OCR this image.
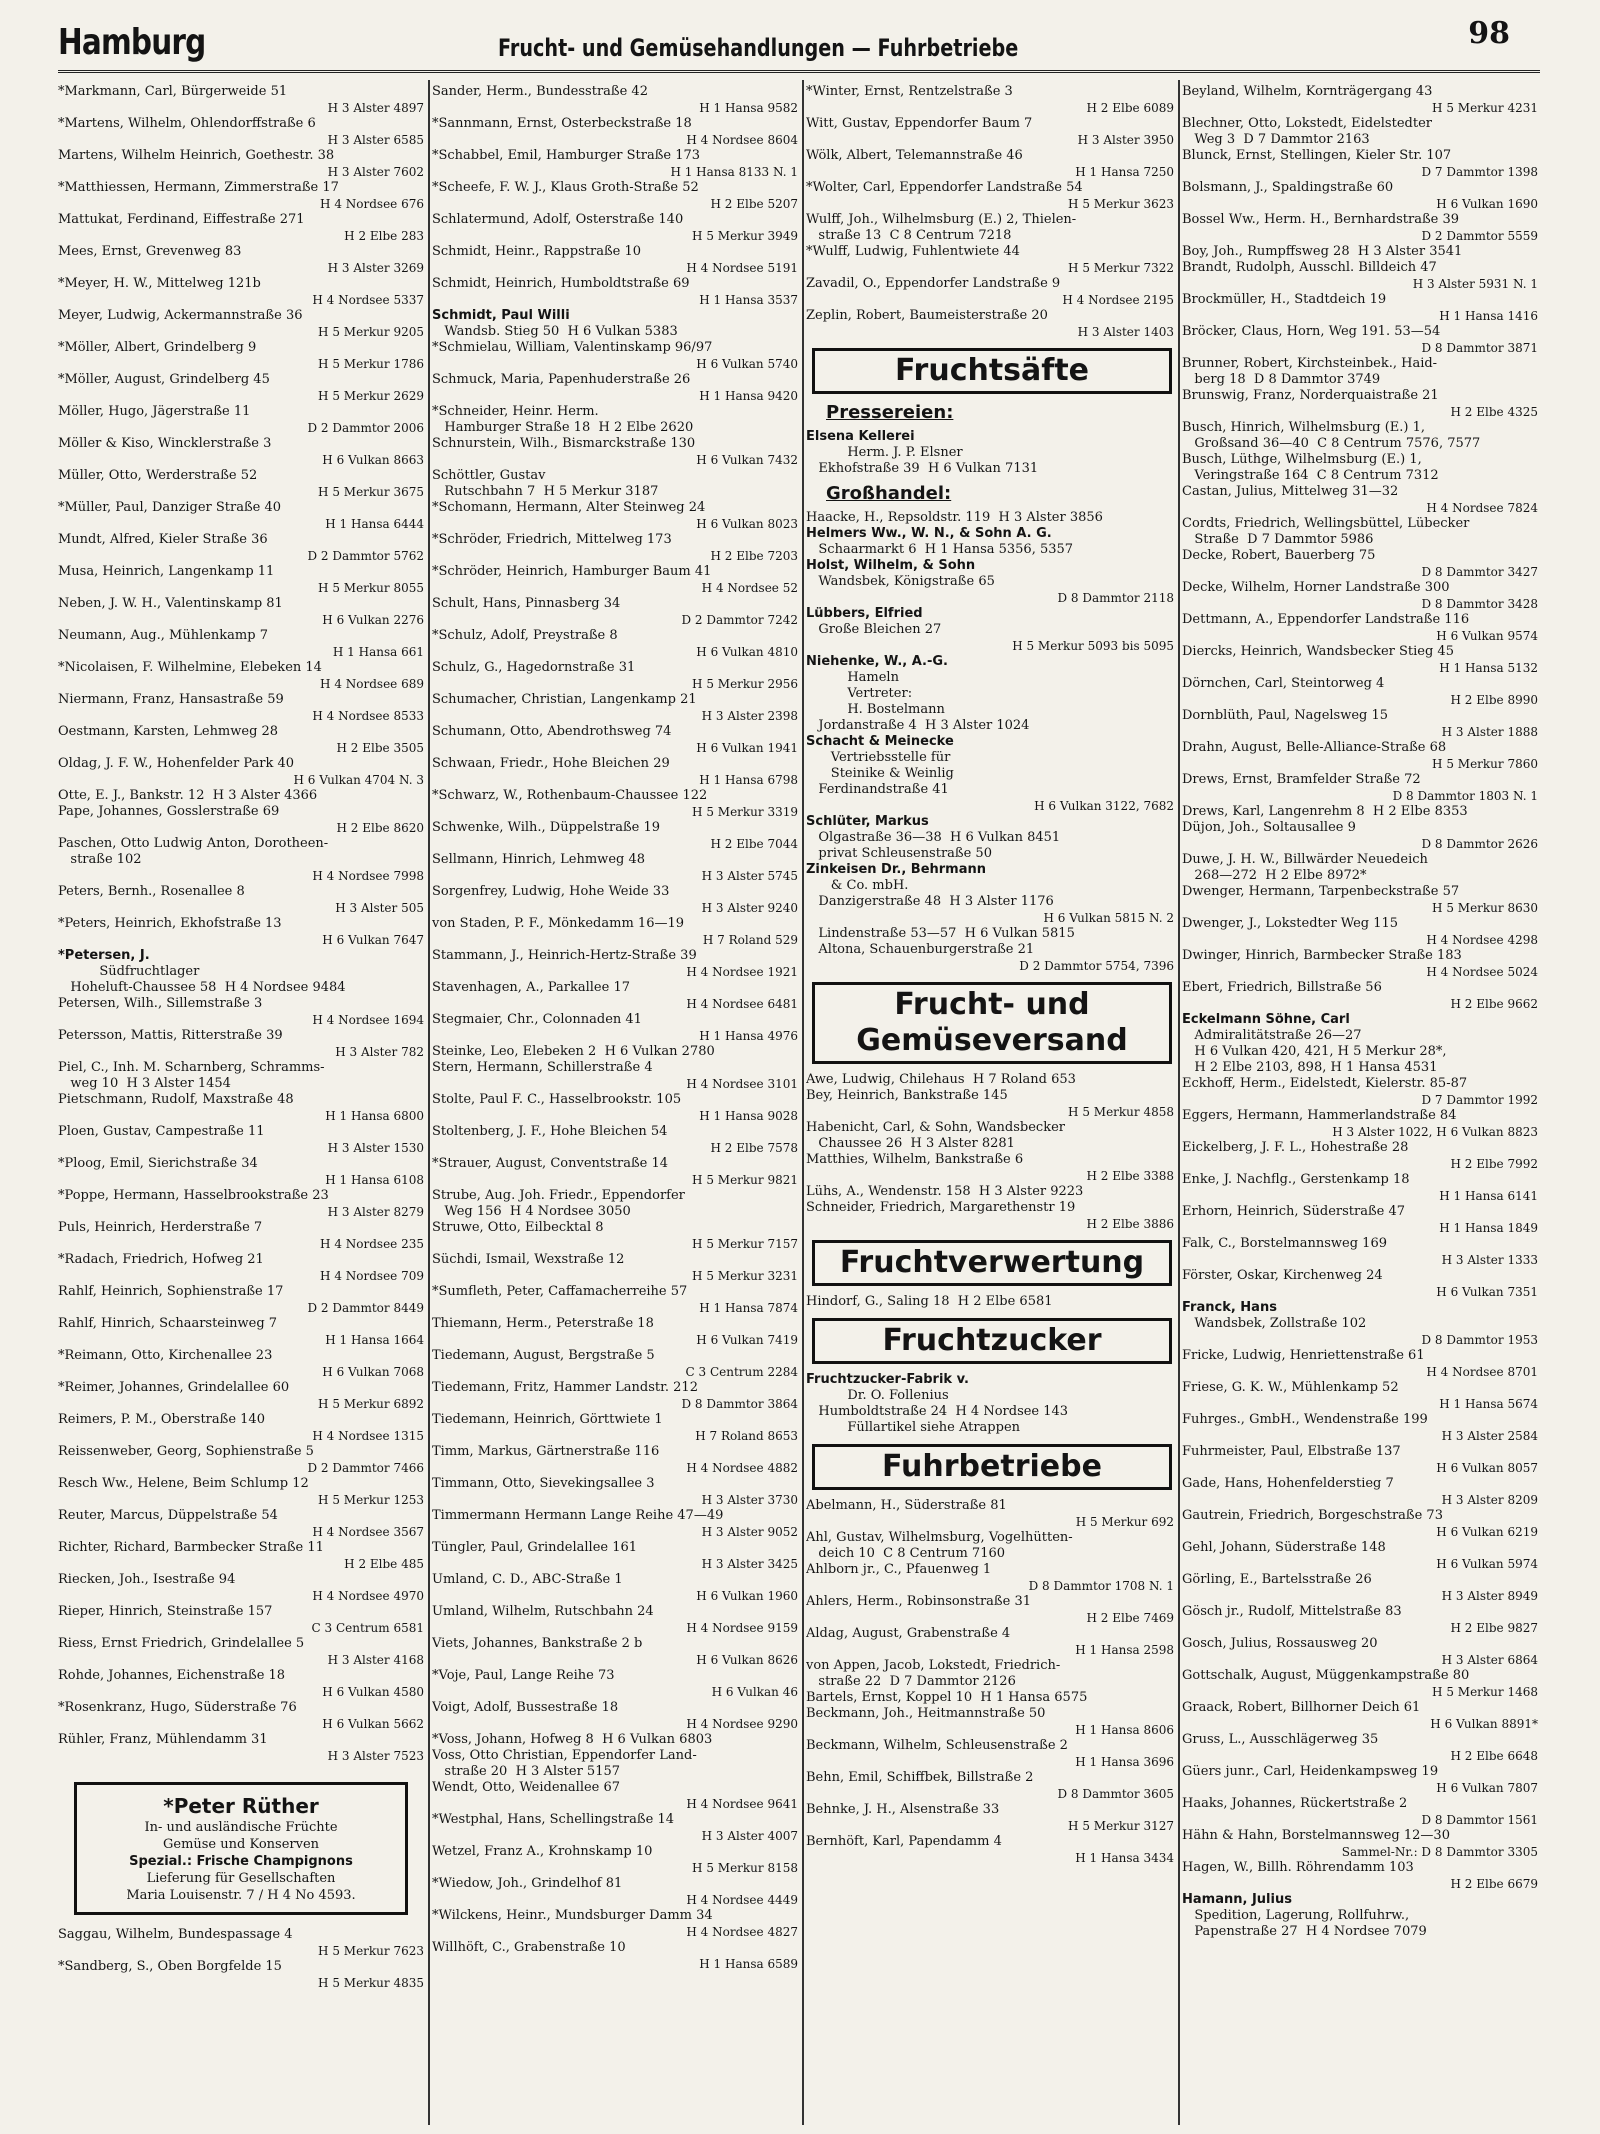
Hamburg	Frucht- und Gemüsehandlungen — Fuhrbetriebe	98
*Markmann, Carl, Bürgerweide 51
H 3 Alster 4897
*Martens, Wilhelm, Ohlendorffstraße 6
H 3 Alster 6585
Martens, Wilhelm Heinrich, Goethestr. 38
H 3 Alster 7602
*Matthiessen, Hermann, Zimmerstraße 17
H 4 Nordsee 676
Mattukat, Ferdinand, Eiffestraße 271
H 2 Elbe 283
Mees, Ernst, Grevenweg 83
H 3 Alster 3269
*Meyer, H. W., Mittelweg 121b
H 4 Nordsee 5337
Meyer, Ludwig, Ackermannstraße 36
H 5 Merkur 9205
*Möller, Albert, Grindelberg 9
H 5 Merkur 1786
*Möller, August, Grindelberg 45
H 5 Merkur 2629
Möller, Hugo, Jägerstraße 11
D 2 Dammtor 2006
Möller & Kiso, Wincklerstraße 3
H 6 Vulkan 8663
Müller, Otto, Werderstraße 52
H 5 Merkur 3675
*Müller, Paul, Danziger Straße 40
H 1 Hansa 6444
Mundt, Alfred, Kieler Straße 36
D 2 Dammtor 5762
Musa, Heinrich, Langenkamp 11
H 5 Merkur 8055
Neben, J. W. H., Valentinskamp 81
H 6 Vulkan 2276
Neumann, Aug., Mühlenkamp 7
H 1 Hansa 661
*Nicolaisen, F. Wilhelmine, Elebeken 14
H 4 Nordsee 689
Niermann, Franz, Hansastraße 59
H 4 Nordsee 8533
Oestmann, Karsten, Lehmweg 28
H 2 Elbe 3505
Oldag, J. F. W., Hohenfelder Park 40
H 6 Vulkan 4704 N. 3
Otte, E. J., Bankstr. 12  H 3 Alster 4366
Pape, Johannes, Gosslerstraße 69
H 2 Elbe 8620
Paschen, Otto Ludwig Anton, Dorotheen-
straße 102
H 4 Nordsee 7998
Peters, Bernh., Rosenallee 8
H 3 Alster 505
*Peters, Heinrich, Ekhofstraße 13
H 6 Vulkan 7647
*Petersen, J.
Südfruchtlager
Hoheluft-Chaussee 58  H 4 Nordsee 9484
Petersen, Wilh., Sillemstraße 3
H 4 Nordsee 1694
Petersson, Mattis, Ritterstraße 39
H 3 Alster 782
Piel, C., Inh. M. Scharnberg, Schramms-
weg 10  H 3 Alster 1454
Pietschmann, Rudolf, Maxstraße 48
H 1 Hansa 6800
Ploen, Gustav, Campestraße 11
H 3 Alster 1530
*Ploog, Emil, Sierichstraße 34
H 1 Hansa 6108
*Poppe, Hermann, Hasselbrookstraße 23
H 3 Alster 8279
Puls, Heinrich, Herderstraße 7
H 4 Nordsee 235
*Radach, Friedrich, Hofweg 21
H 4 Nordsee 709
Rahlf, Heinrich, Sophienstraße 17
D 2 Dammtor 8449
Rahlf, Hinrich, Schaarsteinweg 7
H 1 Hansa 1664
*Reimann, Otto, Kirchenallee 23
H 6 Vulkan 7068
*Reimer, Johannes, Grindelallee 60
H 5 Merkur 6892
Reimers, P. M., Oberstraße 140
H 4 Nordsee 1315
Reissenweber, Georg, Sophienstraße 5
D 2 Dammtor 7466
Resch Ww., Helene, Beim Schlump 12
H 5 Merkur 1253
Reuter, Marcus, Düppelstraße 54
H 4 Nordsee 3567
Richter, Richard, Barmbecker Straße 11
H 2 Elbe 485
Riecken, Joh., Isestraße 94
H 4 Nordsee 4970
Rieper, Hinrich, Steinstraße 157
C 3 Centrum 6581
Riess, Ernst Friedrich, Grindelallee 5
H 3 Alster 4168
Rohde, Johannes, Eichenstraße 18
H 6 Vulkan 4580
*Rosenkranz, Hugo, Süderstraße 76
H 6 Vulkan 5662
Rühler, Franz, Mühlendamm 31
H 3 Alster 7523
*Peter Rüther
In- und ausländische Früchte
Gemüse und Konserven
Spezial.: Frische Champignons
Lieferung für Gesellschaften
Maria Louisenstr. 7 / H 4 No 4593.
Saggau, Wilhelm, Bundespassage 4
H 5 Merkur 7623
*Sandberg, S., Oben Borgfelde 15
H 5 Merkur 4835
Sander, Herm., Bundesstraße 42
H 1 Hansa 9582
*Sannmann, Ernst, Osterbeckstraße 18
H 4 Nordsee 8604
*Schabbel, Emil, Hamburger Straße 173
H 1 Hansa 8133 N. 1
*Scheefe, F. W. J., Klaus Groth-Straße 52
H 2 Elbe 5207
Schlatermund, Adolf, Osterstraße 140
H 5 Merkur 3949
Schmidt, Heinr., Rappstraße 10
H 4 Nordsee 5191
Schmidt, Heinrich, Humboldtstraße 69
H 1 Hansa 3537
Schmidt, Paul Willi
Wandsb. Stieg 50  H 6 Vulkan 5383
*Schmielau, William, Valentinskamp 96/97
H 6 Vulkan 5740
Schmuck, Maria, Papenhuderstraße 26
H 1 Hansa 9420
*Schneider, Heinr. Herm.
Hamburger Straße 18  H 2 Elbe 2620
Schnurstein, Wilh., Bismarckstraße 130
H 6 Vulkan 7432
Schöttler, Gustav
Rutschbahn 7  H 5 Merkur 3187
*Schomann, Hermann, Alter Steinweg 24
H 6 Vulkan 8023
*Schröder, Friedrich, Mittelweg 173
H 2 Elbe 7203
*Schröder, Heinrich, Hamburger Baum 41
H 4 Nordsee 52
Schult, Hans, Pinnasberg 34
D 2 Dammtor 7242
*Schulz, Adolf, Preystraße 8
H 6 Vulkan 4810
Schulz, G., Hagedornstraße 31
H 5 Merkur 2956
Schumacher, Christian, Langenkamp 21
H 3 Alster 2398
Schumann, Otto, Abendrothsweg 74
H 6 Vulkan 1941
Schwaan, Friedr., Hohe Bleichen 29
H 1 Hansa 6798
*Schwarz, W., Rothenbaum-Chaussee 122
H 5 Merkur 3319
Schwenke, Wilh., Düppelstraße 19
H 2 Elbe 7044
Sellmann, Hinrich, Lehmweg 48
H 3 Alster 5745
Sorgenfrey, Ludwig, Hohe Weide 33
H 3 Alster 9240
von Staden, P. F., Mönkedamm 16—19
H 7 Roland 529
Stammann, J., Heinrich-Hertz-Straße 39
H 4 Nordsee 1921
Stavenhagen, A., Parkallee 17
H 4 Nordsee 6481
Stegmaier, Chr., Colonnaden 41
H 1 Hansa 4976
Steinke, Leo, Elebeken 2  H 6 Vulkan 2780
Stern, Hermann, Schillerstraße 4
H 4 Nordsee 3101
Stolte, Paul F. C., Hasselbrookstr. 105
H 1 Hansa 9028
Stoltenberg, J. F., Hohe Bleichen 54
H 2 Elbe 7578
*Strauer, August, Conventstraße 14
H 5 Merkur 9821
Strube, Aug. Joh. Friedr., Eppendorfer
Weg 156  H 4 Nordsee 3050
Struwe, Otto, Eilbecktal 8
H 5 Merkur 7157
Süchdi, Ismail, Wexstraße 12
H 5 Merkur 3231
*Sumfleth, Peter, Caffamacherreihe 57
H 1 Hansa 7874
Thiemann, Herm., Peterstraße 18
H 6 Vulkan 7419
Tiedemann, August, Bergstraße 5
C 3 Centrum 2284
Tiedemann, Fritz, Hammer Landstr. 212
D 8 Dammtor 3864
Tiedemann, Heinrich, Görttwiete 1
H 7 Roland 8653
Timm, Markus, Gärtnerstraße 116
H 4 Nordsee 4882
Timmann, Otto, Sievekingsallee 3
H 3 Alster 3730
Timmermann Hermann Lange Reihe 47—49
H 3 Alster 9052
Tüngler, Paul, Grindelallee 161
H 3 Alster 3425
Umland, C. D., ABC-Straße 1
H 6 Vulkan 1960
Umland, Wilhelm, Rutschbahn 24
H 4 Nordsee 9159
Viets, Johannes, Bankstraße 2 b
H 6 Vulkan 8626
*Voje, Paul, Lange Reihe 73
H 6 Vulkan 46
Voigt, Adolf, Bussestraße 18
H 4 Nordsee 9290
*Voss, Johann, Hofweg 8  H 6 Vulkan 6803
Voss, Otto Christian, Eppendorfer Land-
straße 20  H 3 Alster 5157
Wendt, Otto, Weidenallee 67
H 4 Nordsee 9641
*Westphal, Hans, Schellingstraße 14
H 3 Alster 4007
Wetzel, Franz A., Krohnskamp 10
H 5 Merkur 8158
*Wiedow, Joh., Grindelhof 81
H 4 Nordsee 4449
*Wilckens, Heinr., Mundsburger Damm 34
H 4 Nordsee 4827
Willhöft, C., Grabenstraße 10
H 1 Hansa 6589
*Winter, Ernst, Rentzelstraße 3
H 2 Elbe 6089
Witt, Gustav, Eppendorfer Baum 7
H 3 Alster 3950
Wölk, Albert, Telemannstraße 46
H 1 Hansa 7250
*Wolter, Carl, Eppendorfer Landstraße 54
H 5 Merkur 3623
Wulff, Joh., Wilhelmsburg (E.) 2, Thielen-
straße 13  C 8 Centrum 7218
*Wulff, Ludwig, Fuhlentwiete 44
H 5 Merkur 7322
Zavadil, O., Eppendorfer Landstraße 9
H 4 Nordsee 2195
Zeplin, Robert, Baumeisterstraße 20
H 3 Alster 1403
Fruchtsäfte
Pressereien:
Elsena Kellerei
Herm. J. P. Elsner
Ekhofstraße 39  H 6 Vulkan 7131
Großhandel:
Haacke, H., Repsoldstr. 119  H 3 Alster 3856
Helmers Ww., W. N., & Sohn A. G.
Schaarmarkt 6  H 1 Hansa 5356, 5357
Holst, Wilhelm, & Sohn
Wandsbek, Königstraße 65
D 8 Dammtor 2118
Lübbers, Elfried
Große Bleichen 27
H 5 Merkur 5093 bis 5095
Niehenke, W., A.-G.
Hameln
Vertreter:
H. Bostelmann
Jordanstraße 4  H 3 Alster 1024
Schacht & Meinecke
Vertriebsstelle für
Steinike & Weinlig
Ferdinandstraße 41
H 6 Vulkan 3122, 7682
Schlüter, Markus
Olgastraße 36—38  H 6 Vulkan 8451
privat Schleusenstraße 50
Zinkeisen Dr., Behrmann
& Co. mbH.
Danzigerstraße 48  H 3 Alster 1176
H 6 Vulkan 5815 N. 2
Lindenstraße 53—57  H 6 Vulkan 5815
Altona, Schauenburgerstraße 21
D 2 Dammtor 5754, 7396
Frucht- und Gemüseversand
Awe, Ludwig, Chilehaus  H 7 Roland 653
Bey, Heinrich, Bankstraße 145
H 5 Merkur 4858
Habenicht, Carl, & Sohn, Wandsbecker
Chaussee 26  H 3 Alster 8281
Matthies, Wilhelm, Bankstraße 6
H 2 Elbe 3388
Lühs, A., Wendenstr. 158  H 3 Alster 9223
Schneider, Friedrich, Margarethenstr 19
H 2 Elbe 3886
Fruchtverwertung
Hindorf, G., Saling 18  H 2 Elbe 6581
Fruchtzucker
Fruchtzucker-Fabrik v.
Dr. O. Follenius
Humboldtstraße 24  H 4 Nordsee 143
Füllartikel siehe Atrappen
Fuhrbetriebe
Abelmann, H., Süderstraße 81
H 5 Merkur 692
Ahl, Gustav, Wilhelmsburg, Vogelhütten-
deich 10  C 8 Centrum 7160
Ahlborn jr., C., Pfauenweg 1
D 8 Dammtor 1708 N. 1
Ahlers, Herm., Robinsonstraße 31
H 2 Elbe 7469
Aldag, August, Grabenstraße 4
H 1 Hansa 2598
von Appen, Jacob, Lokstedt, Friedrich-
straße 22  D 7 Dammtor 2126
Bartels, Ernst, Koppel 10  H 1 Hansa 6575
Beckmann, Joh., Heitmannstraße 50
H 1 Hansa 8606
Beckmann, Wilhelm, Schleusenstraße 2
H 1 Hansa 3696
Behn, Emil, Schiffbek, Billstraße 2
D 8 Dammtor 3605
Behnke, J. H., Alsenstraße 33
H 5 Merkur 3127
Bernhöft, Karl, Papendamm 4
H 1 Hansa 3434
Beyland, Wilhelm, Kornträgergang 43
H 5 Merkur 4231
Blechner, Otto, Lokstedt, Eidelstedter
Weg 3  D 7 Dammtor 2163
Blunck, Ernst, Stellingen, Kieler Str. 107
D 7 Dammtor 1398
Bolsmann, J., Spaldingstraße 60
H 6 Vulkan 1690
Bossel Ww., Herm. H., Bernhardstraße 39
D 2 Dammtor 5559
Boy, Joh., Rumpffsweg 28  H 3 Alster 3541
Brandt, Rudolph, Ausschl. Billdeich 47
H 3 Alster 5931 N. 1
Brockmüller, H., Stadtdeich 19
H 1 Hansa 1416
Bröcker, Claus, Horn, Weg 191. 53—54
D 8 Dammtor 3871
Brunner, Robert, Kirchsteinbek., Haid-
berg 18  D 8 Dammtor 3749
Brunswig, Franz, Norderquaistraße 21
H 2 Elbe 4325
Busch, Hinrich, Wilhelmsburg (E.) 1,
Großsand 36—40  C 8 Centrum 7576, 7577
Busch, Lüthge, Wilhelmsburg (E.) 1,
Veringstraße 164  C 8 Centrum 7312
Castan, Julius, Mittelweg 31—32
H 4 Nordsee 7824
Cordts, Friedrich, Wellingsbüttel, Lübecker
Straße  D 7 Dammtor 5986
Decke, Robert, Bauerberg 75
D 8 Dammtor 3427
Decke, Wilhelm, Horner Landstraße 300
D 8 Dammtor 3428
Dettmann, A., Eppendorfer Landstraße 116
H 6 Vulkan 9574
Diercks, Heinrich, Wandsbecker Stieg 45
H 1 Hansa 5132
Dörnchen, Carl, Steintorweg 4
H 2 Elbe 8990
Dornblüth, Paul, Nagelsweg 15
H 3 Alster 1888
Drahn, August, Belle-Alliance-Straße 68
H 5 Merkur 7860
Drews, Ernst, Bramfelder Straße 72
D 8 Dammtor 1803 N. 1
Drews, Karl, Langenrehm 8  H 2 Elbe 8353
Düjon, Joh., Soltausallee 9
D 8 Dammtor 2626
Duwe, J. H. W., Billwärder Neuedeich
268—272  H 2 Elbe 8972*
Dwenger, Hermann, Tarpenbeckstraße 57
H 5 Merkur 8630
Dwenger, J., Lokstedter Weg 115
H 4 Nordsee 4298
Dwinger, Hinrich, Barmbecker Straße 183
H 4 Nordsee 5024
Ebert, Friedrich, Billstraße 56
H 2 Elbe 9662
Eckelmann Söhne, Carl
Admiralitätstraße 26—27
H 6 Vulkan 420, 421, H 5 Merkur 28*,
H 2 Elbe 2103, 898, H 1 Hansa 4531
Eckhoff, Herm., Eidelstedt, Kielerstr. 85-87
D 7 Dammtor 1992
Eggers, Hermann, Hammerlandstraße 84
H 3 Alster 1022, H 6 Vulkan 8823
Eickelberg, J. F. L., Hohestraße 28
H 2 Elbe 7992
Enke, J. Nachflg., Gerstenkamp 18
H 1 Hansa 6141
Erhorn, Heinrich, Süderstraße 47
H 1 Hansa 1849
Falk, C., Borstelmannsweg 169
H 3 Alster 1333
Förster, Oskar, Kirchenweg 24
H 6 Vulkan 7351
Franck, Hans
Wandsbek, Zollstraße 102
D 8 Dammtor 1953
Fricke, Ludwig, Henriettenstraße 61
H 4 Nordsee 8701
Friese, G. K. W., Mühlenkamp 52
H 1 Hansa 5674
Fuhrges., GmbH., Wendenstraße 199
H 3 Alster 2584
Fuhrmeister, Paul, Elbstraße 137
H 6 Vulkan 8057
Gade, Hans, Hohenfelderstieg 7
H 3 Alster 8209
Gautrein, Friedrich, Borgeschstraße 73
H 6 Vulkan 6219
Gehl, Johann, Süderstraße 148
H 6 Vulkan 5974
Görling, E., Bartelsstraße 26
H 3 Alster 8949
Gösch jr., Rudolf, Mittelstraße 83
H 2 Elbe 9827
Gosch, Julius, Rossausweg 20
H 3 Alster 6864
Gottschalk, August, Müggenkampstraße 80
H 5 Merkur 1468
Graack, Robert, Billhorner Deich 61
H 6 Vulkan 8891*
Gruss, L., Ausschlägerweg 35
H 2 Elbe 6648
Güers junr., Carl, Heidenkampsweg 19
H 6 Vulkan 7807
Haaks, Johannes, Rückertstraße 2
D 8 Dammtor 1561
Hähn & Hahn, Borstelmannsweg 12—30
Sammel-Nr.: D 8 Dammtor 3305
Hagen, W., Billh. Röhrendamm 103
H 2 Elbe 6679
Hamann, Julius
Spedition, Lagerung, Rollfuhrw.,
Papenstraße 27  H 4 Nordsee 7079
